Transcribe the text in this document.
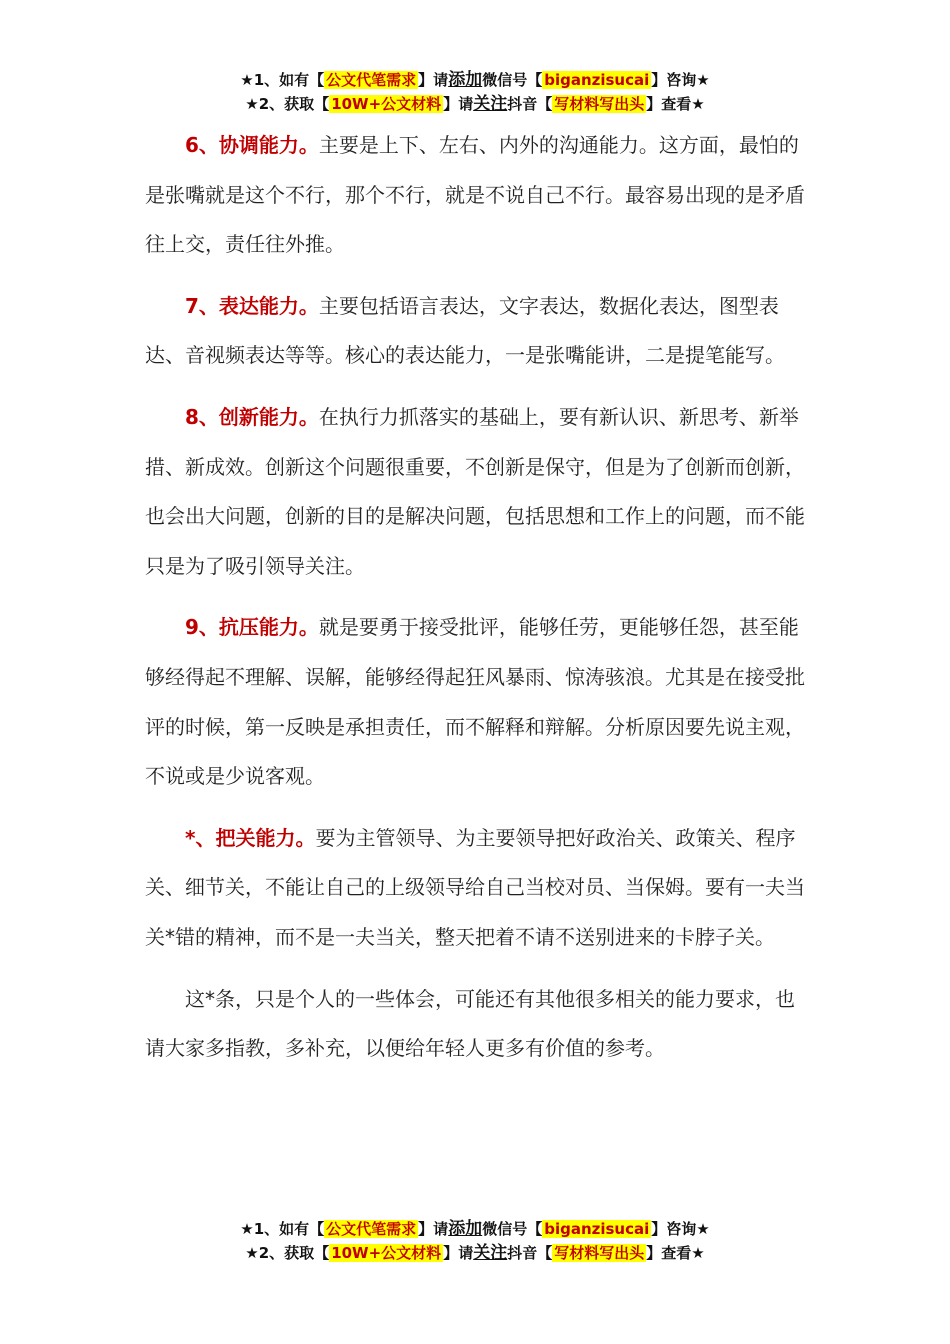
★1、如有【 公文代笔需求 】请添加微信号【 biganzisucai 】咨询★
★2、获取【 10W+公文材料 】请关注抖音【 写材料写出头 】查看★

6、协调能力。主要是上下、左右、内外的沟通能力。这方面，最怕的是张嘴就是这个不行，那个不行，就是不说自己不行。最容易出现的是矛盾往上交，责任往外推。

7、表达能力。主要包括语言表达，文字表达，数据化表达，图型表达、音视频表达等等。核心的表达能力，一是张嘴能讲，二是提笔能写。

8、创新能力。在执行力抓落实的基础上，要有新认识、新思考、新举措、新成效。创新这个问题很重要，不创新是保守，但是为了创新而创新，也会出大问题，创新的目的是解决问题，包括思想和工作上的问题，而不能只是为了吸引领导关注。

9、抗压能力。就是要勇于接受批评，能够任劳，更能够任怨，甚至能够经得起不理解、误解，能够经得起狂风暴雨、惊涛骇浪。尤其是在接受批评的时候，第一反映是承担责任，而不解释和辩解。分析原因要先说主观，不说或是少说客观。

*、把关能力。要为主管领导、为主要领导把好政治关、政策关、程序关、细节关，不能让自己的上级领导给自己当校对员、当保姆。要有一夫当关*错的精神，而不是一夫当关，整天把着不请不送别进来的卡脖子关。

这*条，只是个人的一些体会，可能还有其他很多相关的能力要求，也请大家多指教，多补充，以便给年轻人更多有价值的参考。

★1、如有【 公文代笔需求 】请添加微信号【 biganzisucai 】咨询★
★2、获取【 10W+公文材料 】请关注抖音【 写材料写出头 】查看★
